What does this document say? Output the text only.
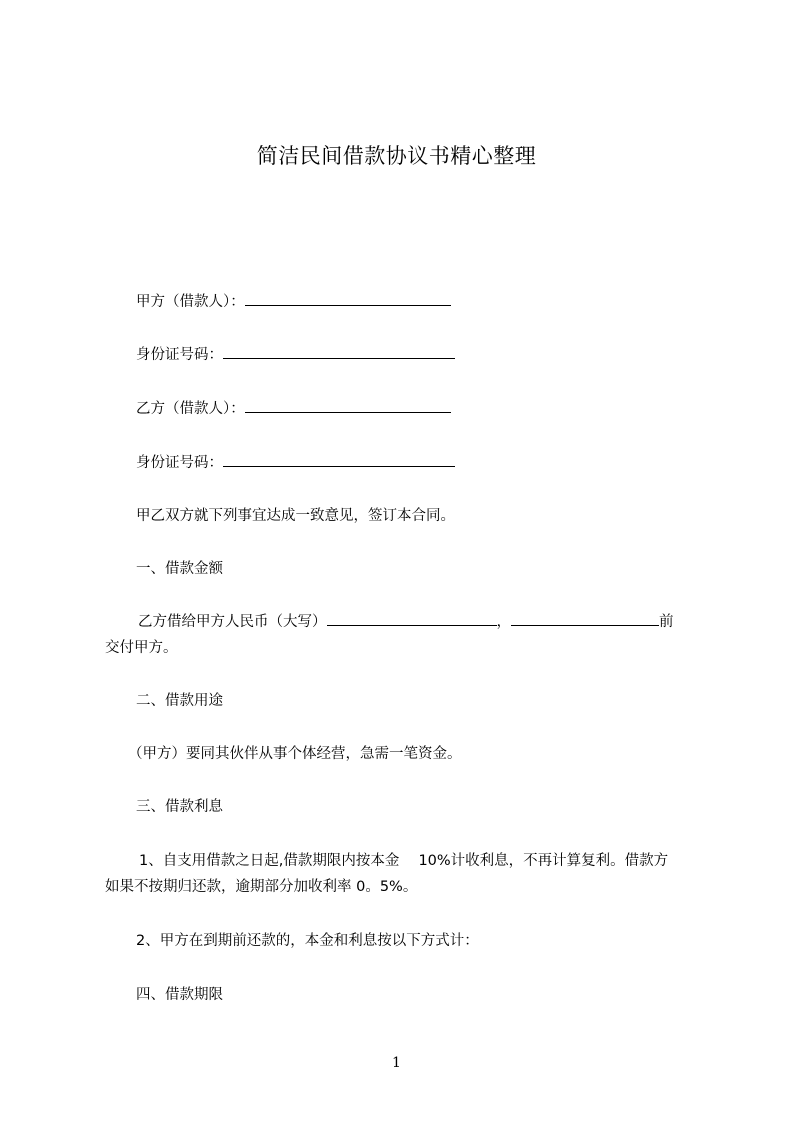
简洁民间借款协议书精心整理
甲方（借款人）：
身份证号码：
乙方（借款人）：
身份证号码：
甲乙双方就下列事宜达成一致意见，签订本合同。
一、借款金额
乙方借给甲方人民币（大写）	，	前
交付甲方。
二、借款用途
（甲方）要同其伙伴从事个体经营，急需一笔资金。
三、借款利息
1、自支用借款之日起,借款期限内按本金　 10%计收利息，不再计算复利。借款方
如果不按期归还款，逾期部分加收利率 0。5%。
2、甲方在到期前还款的，本金和利息按以下方式计：
四、借款期限
1
